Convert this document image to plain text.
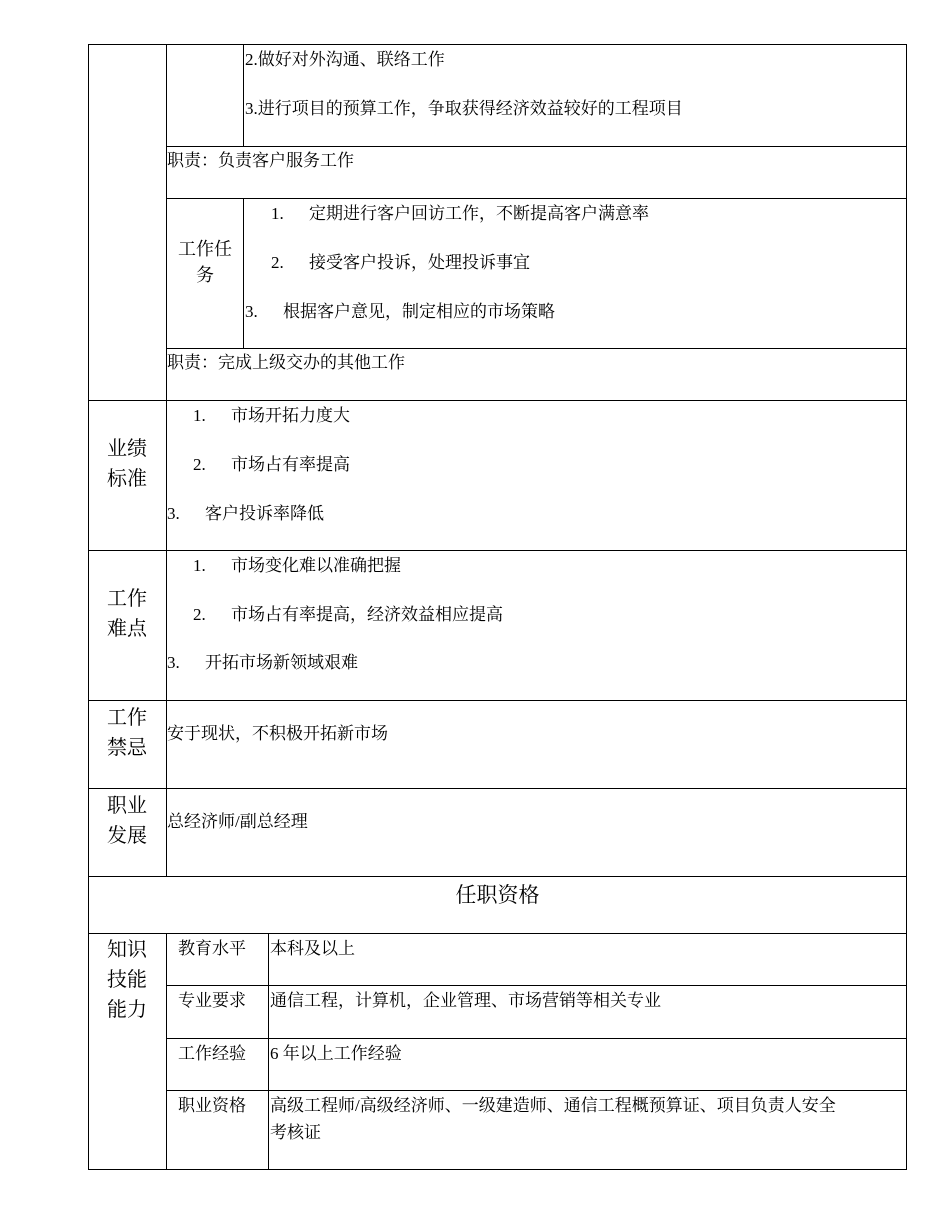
2.做好对外沟通、联络工作
3.进行项目的预算工作，争取获得经济效益较好的工程项目
职责：负责客户服务工作
工作任
务
1. 定期进行客户回访工作，不断提高客户满意率
2. 接受客户投诉，处理投诉事宜
3. 根据客户意见，制定相应的市场策略
职责：完成上级交办的其他工作
业绩
标准
1. 市场开拓力度大
2. 市场占有率提高
3. 客户投诉率降低
工作
难点
1. 市场变化难以准确把握
2. 市场占有率提高，经济效益相应提高
3. 开拓市场新领域艰难
工作
禁忌
安于现状，不积极开拓新市场
职业
发展
总经济师/副总经理
任职资格
知识
技能
能力
教育水平 本科及以上
专业要求 通信工程，计算机，企业管理、市场营销等相关专业
工作经验 6 年以上工作经验
职业资格 高级工程师/高级经济师、一级建造师、通信工程概预算证、项目负责人安全
考核证
